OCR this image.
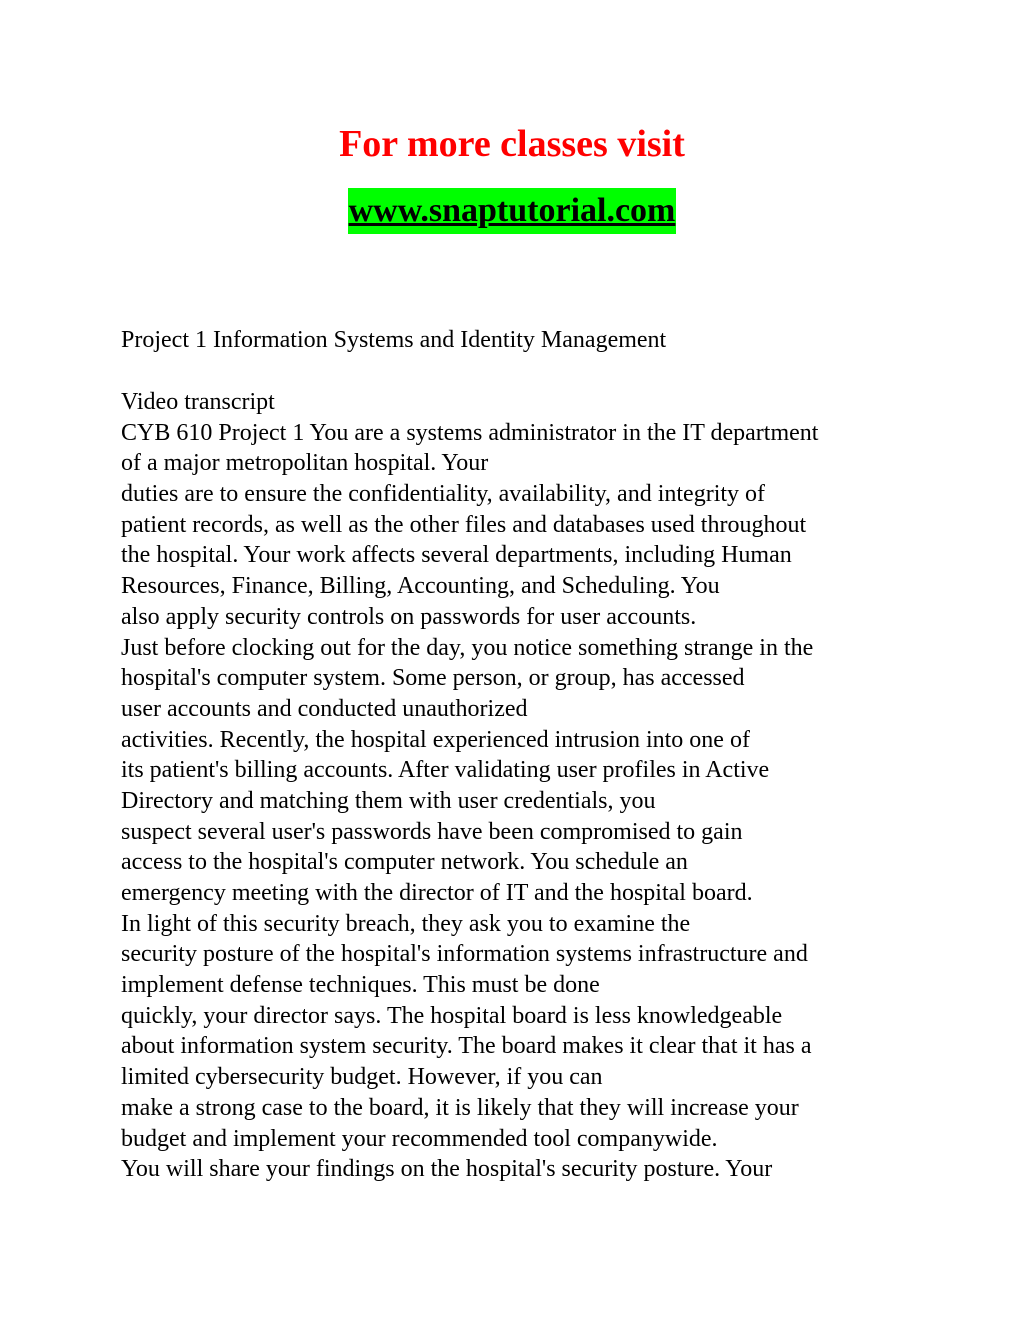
For more classes visit
www.snaptutorial.com
Project 1 Information Systems and Identity Management
Video transcript
CYB 610 Project 1 You are a systems administrator in the IT department
of a major metropolitan hospital. Your
duties are to ensure the confidentiality, availability, and integrity of
patient records, as well as the other files and databases used throughout
the hospital. Your work affects several departments, including Human
Resources, Finance, Billing, Accounting, and Scheduling. You
also apply security controls on passwords for user accounts.
Just before clocking out for the day, you notice something strange in the
hospital's computer system. Some person, or group, has accessed
user accounts and conducted unauthorized
activities. Recently, the hospital experienced intrusion into one of
its patient's billing accounts. After validating user profiles in Active
Directory and matching them with user credentials, you
suspect several user's passwords have been compromised to gain
access to the hospital's computer network. You schedule an
emergency meeting with the director of IT and the hospital board.
In light of this security breach, they ask you to examine the
security posture of the hospital's information systems infrastructure and
implement defense techniques. This must be done
quickly, your director says. The hospital board is less knowledgeable
about information system security. The board makes it clear that it has a
limited cybersecurity budget. However, if you can
make a strong case to the board, it is likely that they will increase your
budget and implement your recommended tool companywide.
You will share your findings on the hospital's security posture. Your
